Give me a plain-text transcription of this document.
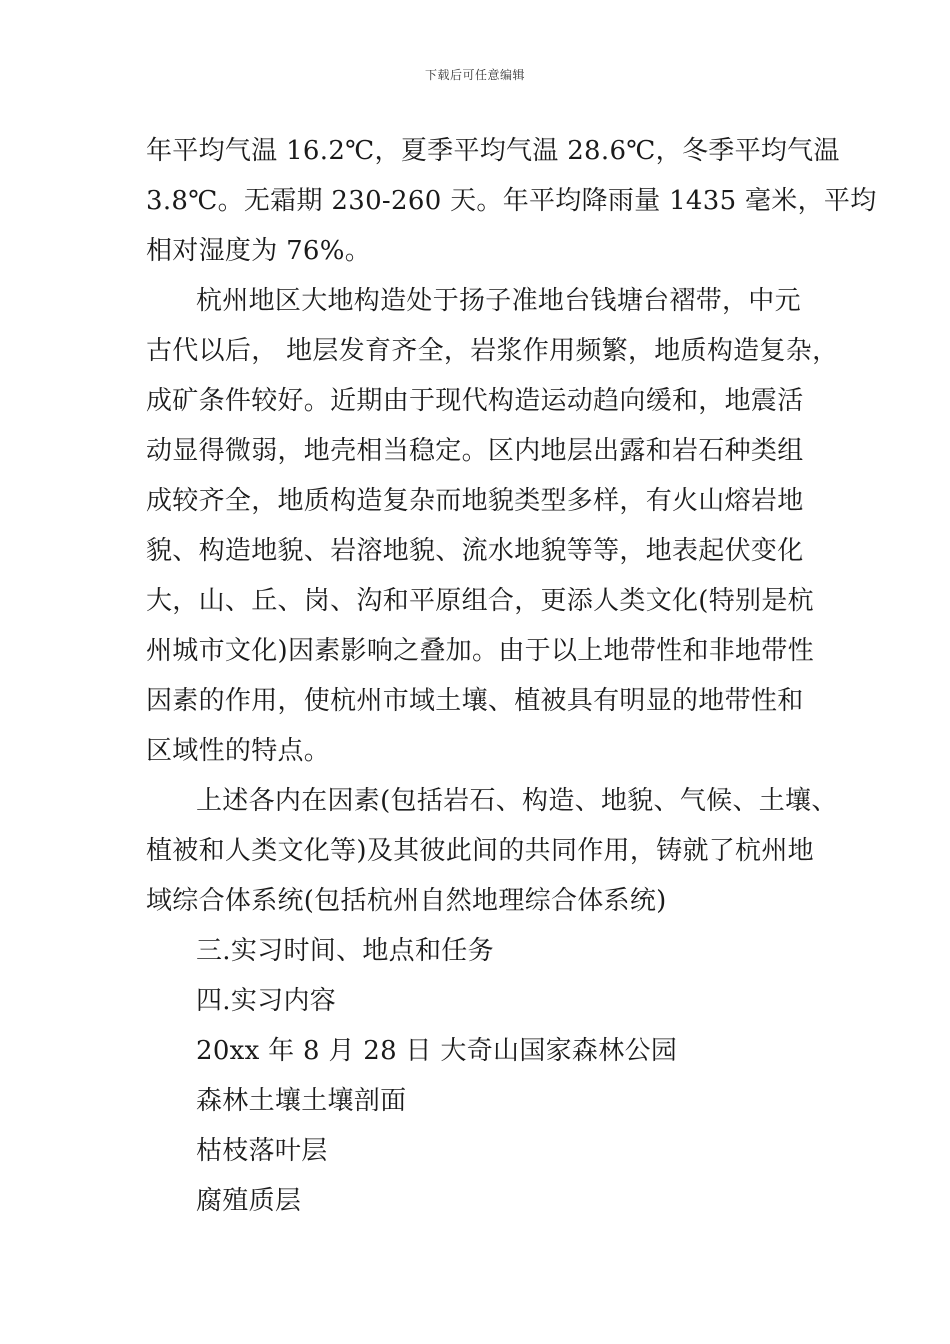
下载后可任意编辑
年平均气温 16.2℃，夏季平均气温 28.6℃，冬季平均气温
3.8℃。无霜期 230-260 天。年平均降雨量 1435 毫米，平均
相对湿度为 76%。
杭州地区大地构造处于扬子准地台钱塘台褶带，中元
古代以后， 地层发育齐全，岩浆作用频繁，地质构造复杂，
成矿条件较好。近期由于现代构造运动趋向缓和，地震活
动显得微弱，地壳相当稳定。区内地层出露和岩石种类组
成较齐全，地质构造复杂而地貌类型多样，有火山熔岩地
貌、构造地貌、岩溶地貌、流水地貌等等，地表起伏变化
大，山、丘、岗、沟和平原组合，更添人类文化(特别是杭
州城市文化)因素影响之叠加。由于以上地带性和非地带性
因素的作用，使杭州市域土壤、植被具有明显的地带性和
区域性的特点。
上述各内在因素(包括岩石、构造、地貌、气候、土壤、
植被和人类文化等)及其彼此间的共同作用，铸就了杭州地
域综合体系统(包括杭州自然地理综合体系统)
三.实习时间、地点和任务
四.实习内容
20xx 年 8 月 28 日 大奇山国家森林公园
森林土壤土壤剖面
枯枝落叶层
腐殖质层
